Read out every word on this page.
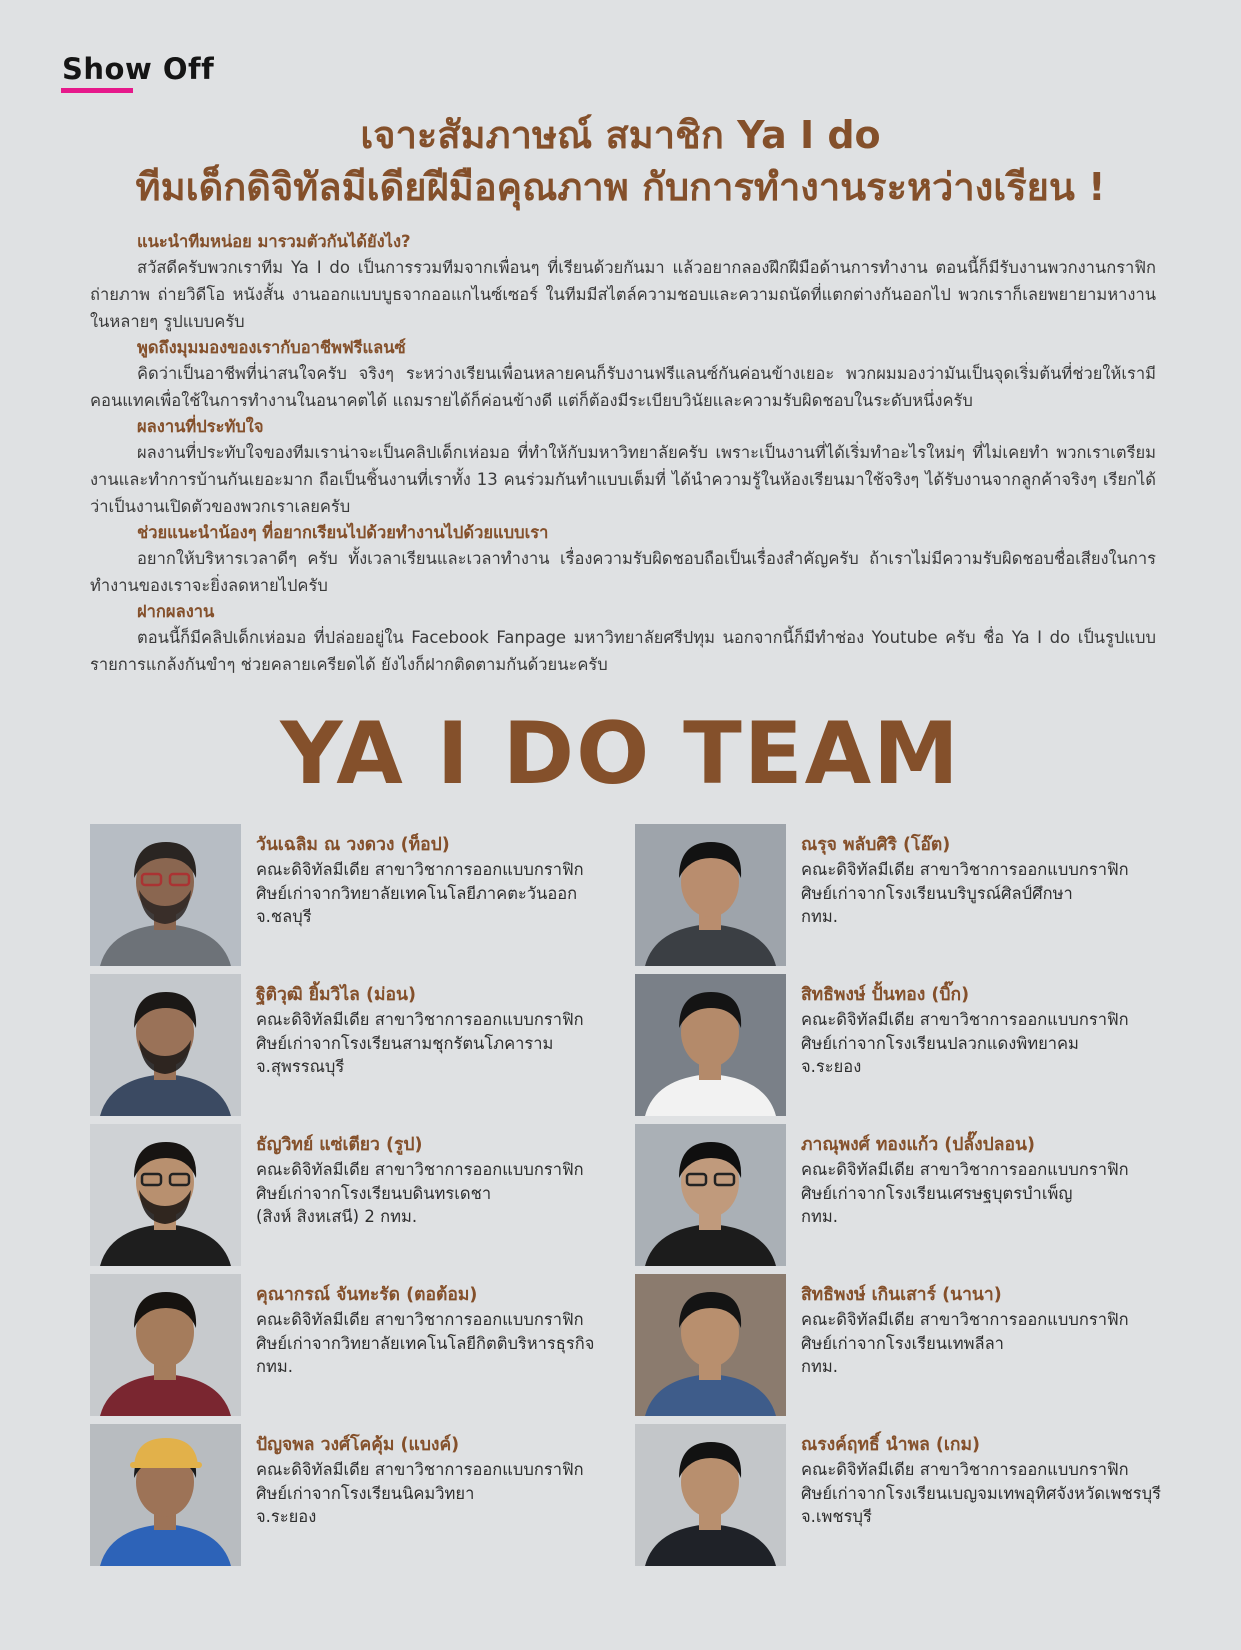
Show Off
เจาะสัมภาษณ์ สมาชิก Ya I do
ทีมเด็กดิจิทัลมีเดียฝีมือคุณภาพ กับการทำงานระหว่างเรียน !
แนะนำทีมหน่อย มารวมตัวกันได้ยังไง?

สวัสดีครับพวกเราทีม Ya I do เป็นการรวมทีมจากเพื่อนๆ ที่เรียนด้วยกันมา แล้วอยากลองฝึกฝีมือด้านการทำงาน ตอนนี้ก็มีรับงานพวกงานกราฟิก ถ่ายภาพ ถ่ายวิดีโอ หนังสั้น งานออกแบบบูธจากออแกไนซ์เซอร์ ในทีมมีสไตล์ความชอบและความถนัดที่แตกต่างกันออกไป พวกเราก็เลยพยายามหางานในหลายๆ รูปแบบครับ

พูดถึงมุมมองของเรากับอาชีพฟรีแลนซ์

คิดว่าเป็นอาชีพที่น่าสนใจครับ จริงๆ ระหว่างเรียนเพื่อนหลายคนก็รับงานฟรีแลนซ์กันค่อนข้างเยอะ พวกผมมองว่ามันเป็นจุดเริ่มต้นที่ช่วยให้เรามีคอนแทคเพื่อใช้ในการทำงานในอนาคตได้ แถมรายได้ก็ค่อนข้างดี แต่ก็ต้องมีระเบียบวินัยและความรับผิดชอบในระดับหนึ่งครับ

ผลงานที่ประทับใจ

ผลงานที่ประทับใจของทีมเราน่าจะเป็นคลิปเด็กเห่อมอ ที่ทำให้กับมหาวิทยาลัยครับ เพราะเป็นงานที่ได้เริ่มทำอะไรใหม่ๆ ที่ไม่เคยทำ พวกเราเตรียมงานและทำการบ้านกันเยอะมาก ถือเป็นชิ้นงานที่เราทั้ง 13 คนร่วมกันทำแบบเต็มที่ ได้นำความรู้ในห้องเรียนมาใช้จริงๆ ได้รับงานจากลูกค้าจริงๆ เรียกได้ว่าเป็นงานเปิดตัวของพวกเราเลยครับ

ช่วยแนะนำน้องๆ ที่อยากเรียนไปด้วยทำงานไปด้วยแบบเรา

อยากให้บริหารเวลาดีๆ ครับ ทั้งเวลาเรียนและเวลาทำงาน เรื่องความรับผิดชอบถือเป็นเรื่องสำคัญครับ ถ้าเราไม่มีความรับผิดชอบชื่อเสียงในการทำงานของเราจะยิ่งลดหายไปครับ

ฝากผลงาน

ตอนนี้ก็มีคลิปเด็กเห่อมอ ที่ปล่อยอยู่ใน Facebook Fanpage มหาวิทยาลัยศรีปทุม นอกจากนี้ก็มีทำช่อง Youtube ครับ ชื่อ Ya I do เป็นรูปแบบรายการแกล้งกันขำๆ ช่วยคลายเครียดได้ ยังไงก็ฝากติดตามกันด้วยนะครับ

YA I DO TEAM
วันเฉลิม ณ วงดวง (ท็อป)
คณะดิจิทัลมีเดีย สาขาวิชาการออกแบบกราฟิก
ศิษย์เก่าจากวิทยาลัยเทคโนโลยีภาคตะวันออก
จ.ชลบุรี
ณรุจ พลับศิริ (โอ๊ต)
คณะดิจิทัลมีเดีย สาขาวิชาการออกแบบกราฟิก
ศิษย์เก่าจากโรงเรียนบริบูรณ์ศิลป์ศึกษา
กทม.
ฐิติวุฒิ ยิ้มวิไล (ม่อน)
คณะดิจิทัลมีเดีย สาขาวิชาการออกแบบกราฟิก
ศิษย์เก่าจากโรงเรียนสามชุกรัตนโภคาราม
จ.สุพรรณบุรี
สิทธิพงษ์ ปั้นทอง (บิ๊ก)
คณะดิจิทัลมีเดีย สาขาวิชาการออกแบบกราฟิก
ศิษย์เก่าจากโรงเรียนปลวกแดงพิทยาคม
จ.ระยอง
ธัญวิทย์ แซ่เตียว (รูป)
คณะดิจิทัลมีเดีย สาขาวิชาการออกแบบกราฟิก
ศิษย์เก่าจากโรงเรียนบดินทรเดชา
(สิงห์ สิงหเสนี) 2 กทม.
ภาณุพงศ์ ทองแก้ว (ปลั๊งปลอน)
คณะดิจิทัลมีเดีย สาขาวิชาการออกแบบกราฟิก
ศิษย์เก่าจากโรงเรียนเศรษฐบุตรบำเพ็ญ
กทม.
คุณากรณ์ จันทะรัด (ตอต้อม)
คณะดิจิทัลมีเดีย สาขาวิชาการออกแบบกราฟิก
ศิษย์เก่าจากวิทยาลัยเทคโนโลยีกิตติบริหารธุรกิจ
กทม.
สิทธิพงษ์ เกินเสาร์ (นานา)
คณะดิจิทัลมีเดีย สาขาวิชาการออกแบบกราฟิก
ศิษย์เก่าจากโรงเรียนเทพลีลา
กทม.
ปัญจพล วงศ์โคคุ้ม (แบงค์)
คณะดิจิทัลมีเดีย สาขาวิชาการออกแบบกราฟิก
ศิษย์เก่าจากโรงเรียนนิคมวิทยา
จ.ระยอง
ณรงค์ฤทธิ์ นำพล (เกม)
คณะดิจิทัลมีเดีย สาขาวิชาการออกแบบกราฟิก
ศิษย์เก่าจากโรงเรียนเบญจมเทพอุทิศจังหวัดเพชรบุรี
จ.เพชรบุรี
